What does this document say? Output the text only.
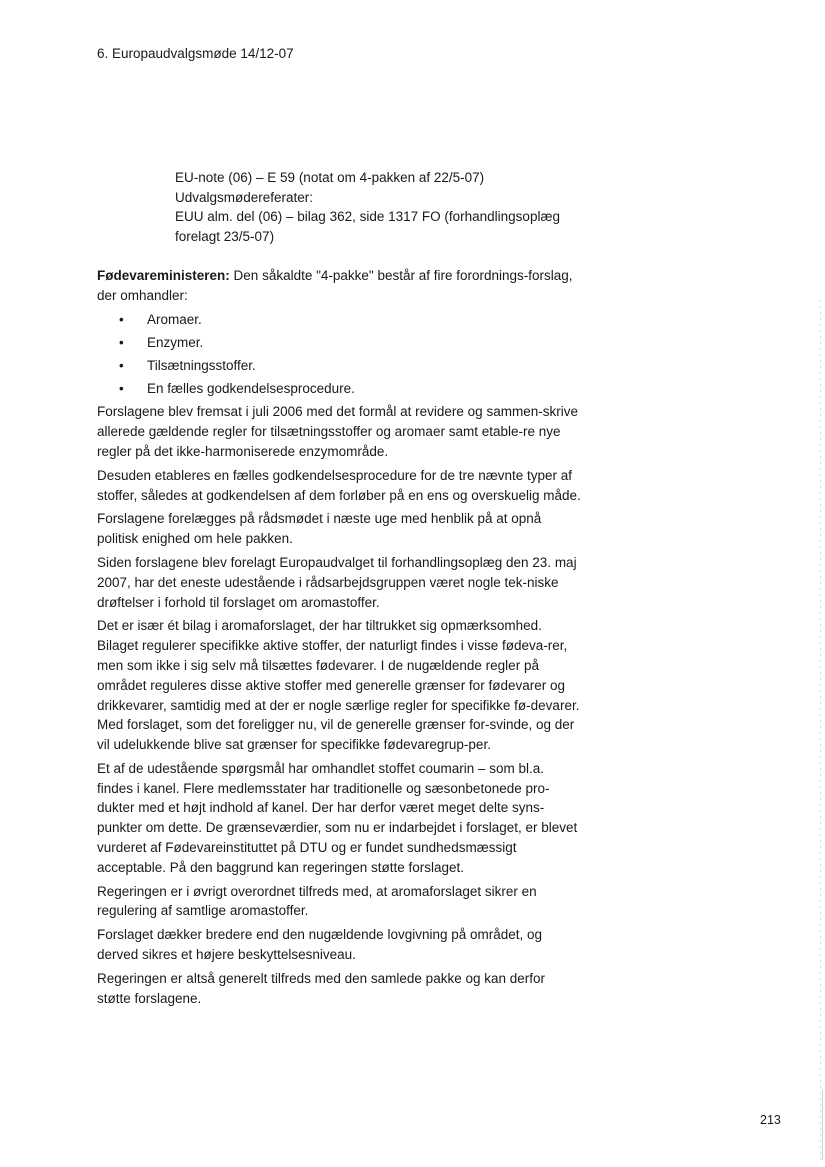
6. Europaudvalgsmøde 14/12-07
EU-note (06) – E 59 (notat om 4-pakken af 22/5-07)
Udvalgsmødereferater:
EUU alm. del (06) – bilag 362, side 1317 FO (forhandlingsoplæg
forelagt 23/5-07)

Fødevareministeren: Den såkaldte "4-pakke" består af fire forordnings-forslag, der omhandler:

• Aromaer.
• Enzymer.
• Tilsætningsstoffer.
• En fælles godkendelsesprocedure.

Forslagene blev fremsat i juli 2006 med det formål at revidere og sammen-skrive allerede gældende regler for tilsætningsstoffer og aromaer samt etable-re nye regler på det ikke-harmoniserede enzymområde.

Desuden etableres en fælles godkendelsesprocedure for de tre nævnte typer af stoffer, således at godkendelsen af dem forløber på en ens og overskuelig måde.

Forslagene forelægges på rådsmødet i næste uge med henblik på at opnå politisk enighed om hele pakken.

Siden forslagene blev forelagt Europaudvalget til forhandlingsoplæg den 23. maj 2007, har det eneste udestående i rådsarbejdsgruppen været nogle tek-niske drøftelser i forhold til forslaget om aromastoffer.

Det er især ét bilag i aromaforslaget, der har tiltrukket sig opmærksomhed. Bilaget regulerer specifikke aktive stoffer, der naturligt findes i visse fødeva-rer, men som ikke i sig selv må tilsættes fødevarer. I de nugældende regler på området reguleres disse aktive stoffer med generelle grænser for fødevarer og drikkevarer, samtidig med at der er nogle særlige regler for specifikke fø-devarer. Med forslaget, som det foreligger nu, vil de generelle grænser for-svinde, og der vil udelukkende blive sat grænser for specifikke fødevaregrup-per.

Et af de udestående spørgsmål har omhandlet stoffet coumarin – som bl.a. findes i kanel. Flere medlemsstater har traditionelle og sæsonbetonede pro-dukter med et højt indhold af kanel. Der har derfor været meget delte syns-punkter om dette. De grænseværdier, som nu er indarbejdet i forslaget, er blevet vurderet af Fødevareinstituttet på DTU og er fundet sundhedsmæssigt acceptable. På den baggrund kan regeringen støtte forslaget.

Regeringen er i øvrigt overordnet tilfreds med, at aromaforslaget sikrer en regulering af samtlige aromastoffer.

Forslaget dækker bredere end den nugældende lovgivning på området, og derved sikres et højere beskyttelsesniveau.

Regeringen er altså generelt tilfreds med den samlede pakke og kan derfor støtte forslagene.

213
